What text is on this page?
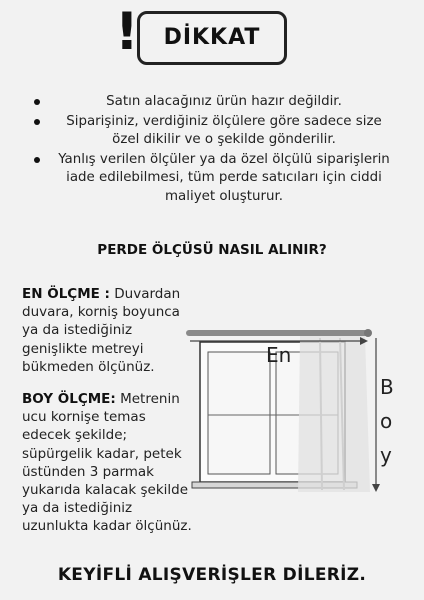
!	DİKKAT
Satın alacağınız ürün hazır değildir.
Siparişiniz, verdiğiniz ölçülere göre sadece size özel dikilir ve o şekilde gönderilir.
Yanlış verilen ölçüler ya da özel ölçülü siparişlerin iade edilebilmesi, tüm perde satıcıları için ciddi maliyet oluşturur.
PERDE ÖLÇÜSÜ NASIL ALINIR?
EN ÖLÇME : Duvardan duvara, korniş boyunca ya da istediğiniz genişlikte metreyi bükmeden ölçünüz.
BOY ÖLÇME: Metrenin ucu kornişe temas edecek şekilde; süpürgelik kadar, petek üstünden 3 parmak yukarıda kalacak şekilde ya da istediğiniz uzunlukta kadar ölçünüz.
En
B
o
y
KEYİFLİ ALIŞVERİŞLER DİLERİZ.
